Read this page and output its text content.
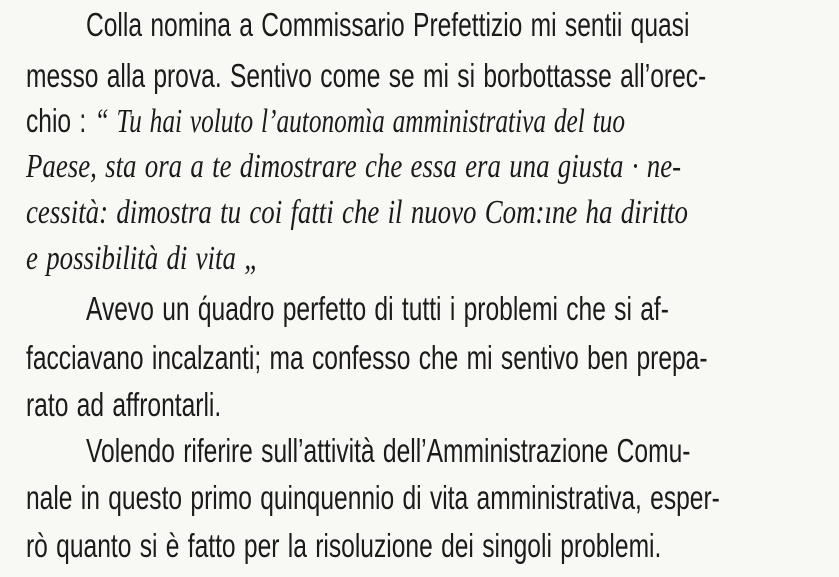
Colla nomina a Commissario Prefettizio mi sentii quasi

messo alla prova. Sentivo come se mi si borbottasse all’orec-

chio : “ Tu hai voluto l’autonomìa amministrativa del tuo

Paese, sta ora a te dimostrare che essa era una giusta · ne-

cessità: dimostra tu coi fatti che il nuovo Com:ıne ha diritto

e possibilità di vita „

Avevo un q́uadro perfetto di tutti i problemi che si af-

facciavano incalzanti; ma confesso che mi sentivo ben prepa-

rato ad affrontarli.

Volendo riferire sull’attività dell’Amministrazione Comu-

nale in questo primo quinquennio di vita amministrativa, esper-

rò quanto si è fatto per la risoluzione dei singoli problemi.
